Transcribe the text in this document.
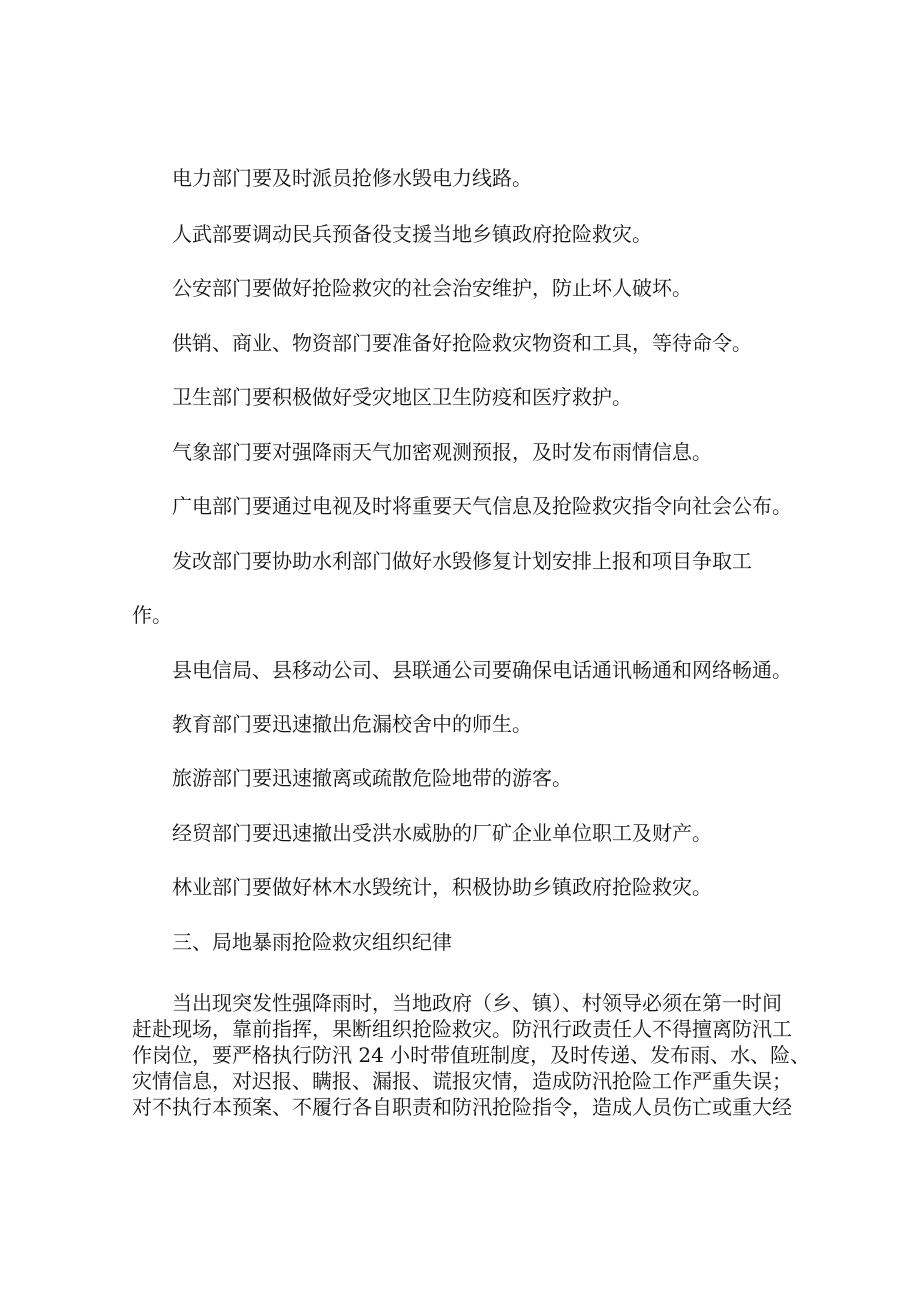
电力部门要及时派员抢修水毁电力线路。
人武部要调动民兵预备役支援当地乡镇政府抢险救灾。
公安部门要做好抢险救灾的社会治安维护，防止坏人破坏。
供销、商业、物资部门要准备好抢险救灾物资和工具，等待命令。
卫生部门要积极做好受灾地区卫生防疫和医疗救护。
气象部门要对强降雨天气加密观测预报，及时发布雨情信息。
广电部门要通过电视及时将重要天气信息及抢险救灾指令向社会公布。
发改部门要协助水利部门做好水毁修复计划安排上报和项目争取工
作。
县电信局、县移动公司、县联通公司要确保电话通讯畅通和网络畅通。
教育部门要迅速撤出危漏校舍中的师生。
旅游部门要迅速撤离或疏散危险地带的游客。
经贸部门要迅速撤出受洪水威胁的厂矿企业单位职工及财产。
林业部门要做好林木水毁统计，积极协助乡镇政府抢险救灾。
三、局地暴雨抢险救灾组织纪律
　　当出现突发性强降雨时，当地政府（乡、镇）、村领导必须在第一时间
赶赴现场，靠前指挥，果断组织抢险救灾。防汛行政责任人不得擅离防汛工
作岗位，要严格执行防汛 24 小时带值班制度，及时传递、发布雨、水、险、
灾情信息，对迟报、瞒报、漏报、谎报灾情，造成防汛抢险工作严重失误；
对不执行本预案、不履行各自职责和防汛抢险指令，造成人员伤亡或重大经
